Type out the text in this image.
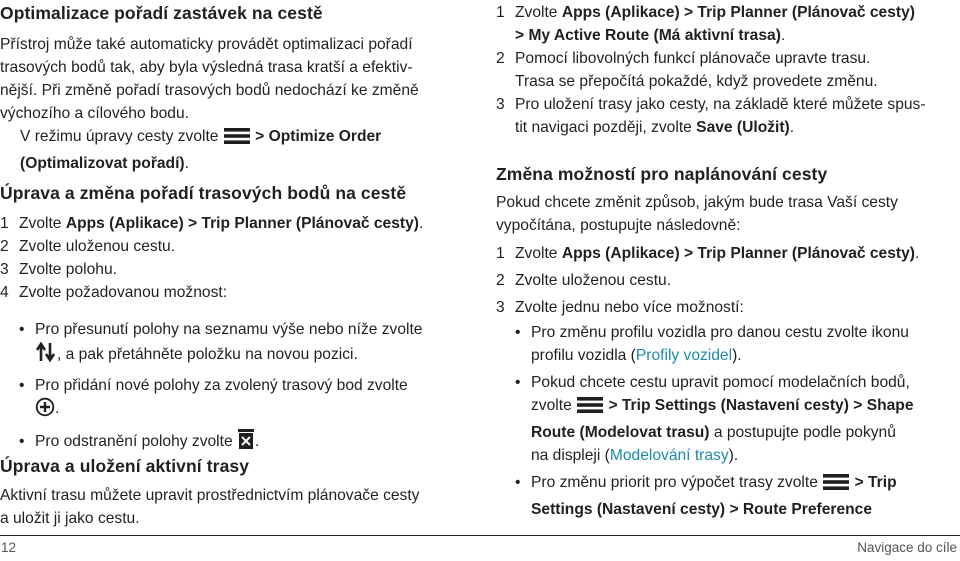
Optimalizace pořadí zastávek na cestě
Přístroj může také automaticky provádět optimalizaci pořadí
trasových bodů tak, aby byla výsledná trasa kratší a efektiv-
nější. Při změně pořadí trasových bodů nedochází ke změně
výchozího a cílového bodu.
V režimu úpravy cesty zvolte > Optimize Order
(Optimalizovat pořadí).
Úprava a změna pořadí trasových bodů na cestě
1 Zvolte Apps (Aplikace) > Trip Planner (Plánovač cesty).
2 Zvolte uloženou cestu.
3 Zvolte polohu.
4 Zvolte požadovanou možnost:
• Pro přesunutí polohy na seznamu výše nebo níže zvolte
, a pak přetáhněte položku na novou pozici.
• Pro přidání nové polohy za zvolený trasový bod zvolte
.
• Pro odstranění polohy zvolte .
Úprava a uložení aktivní trasy
Aktivní trasu můžete upravit prostřednictvím plánovače cesty
a uložit ji jako cestu.
1 Zvolte Apps (Aplikace) > Trip Planner (Plánovač cesty)
> My Active Route (Má aktivní trasa).
2 Pomocí libovolných funkcí plánovače upravte trasu.
Trasa se přepočítá pokaždé, když provedete změnu.
3 Pro uložení trasy jako cesty, na základě které můžete spus-
tit navigaci později, zvolte Save (Uložit).
Změna možností pro naplánování cesty
Pokud chcete změnit způsob, jakým bude trasa Vaší cesty
vypočítána, postupujte následovně:
1 Zvolte Apps (Aplikace) > Trip Planner (Plánovač cesty).
2 Zvolte uloženou cestu.
3 Zvolte jednu nebo více možností:
• Pro změnu profilu vozidla pro danou cestu zvolte ikonu
profilu vozidla (Profily vozidel).
• Pokud chcete cestu upravit pomocí modelačních bodů,
zvolte > Trip Settings (Nastavení cesty) > Shape
Route (Modelovat trasu) a postupujte podle pokynů
na displeji (Modelování trasy).
• Pro změnu priorit pro výpočet trasy zvolte > Trip
Settings (Nastavení cesty) > Route Preference
12	Navigace do cíle
